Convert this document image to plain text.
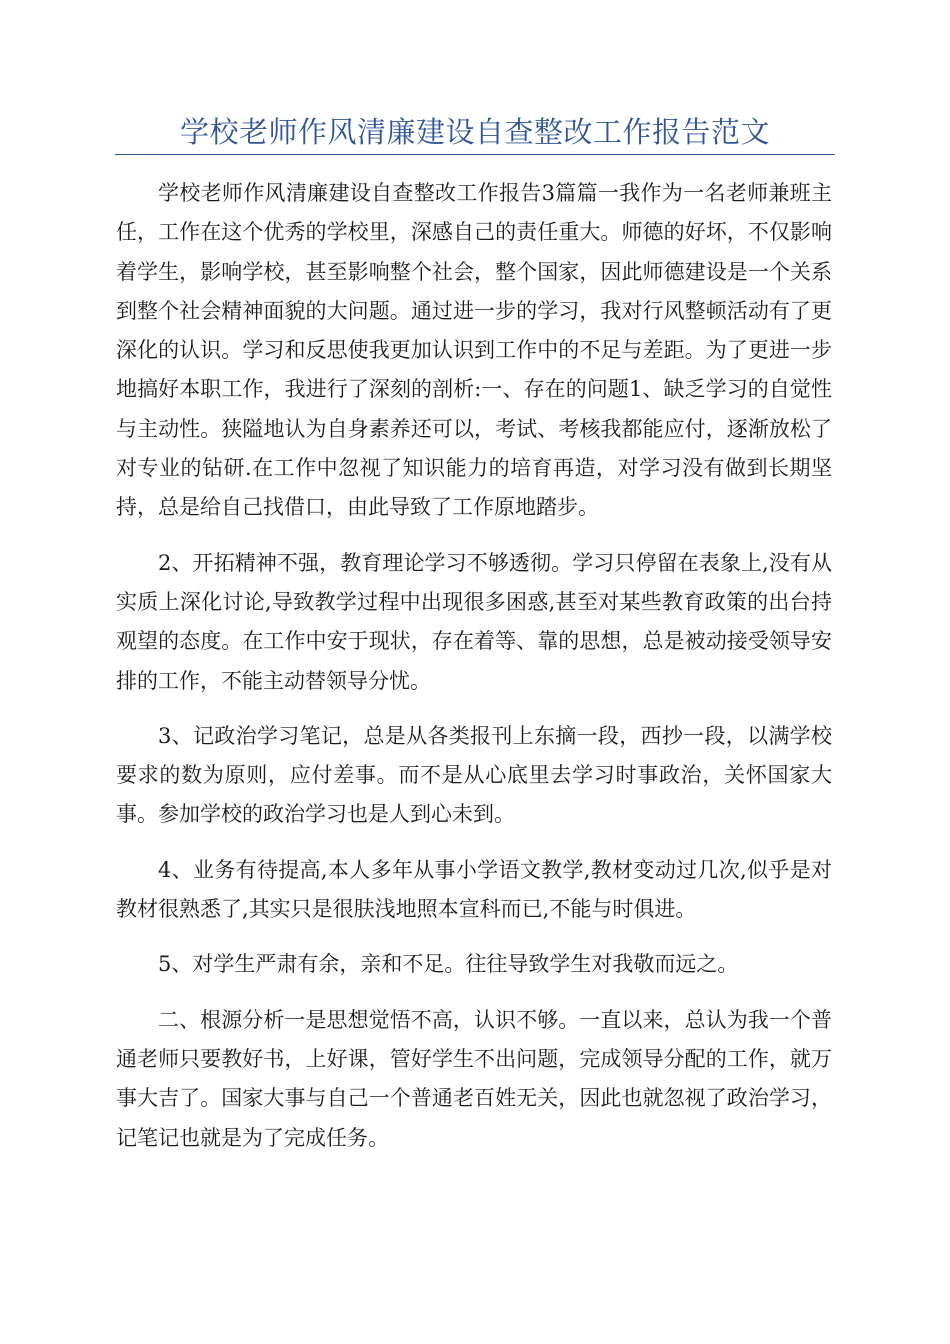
学校老师作风清廉建设自查整改工作报告范文

学校老师作风清廉建设自查整改工作报告3篇篇一我作为一名老师兼班主任，工作在这个优秀的学校里，深感自己的责任重大。师德的好坏，不仅影响着学生，影响学校，甚至影响整个社会，整个国家，因此师德建设是一个关系到整个社会精神面貌的大问题。通过进一步的学习，我对行风整顿活动有了更深化的认识。学习和反思使我更加认识到工作中的不足与差距。为了更进一步地搞好本职工作，我进行了深刻的剖析:一、存在的问题1、缺乏学习的自觉性与主动性。狭隘地认为自身素养还可以，考试、考核我都能应付，逐渐放松了对专业的钻研.在工作中忽视了知识能力的培育再造，对学习没有做到长期坚持，总是给自己找借口，由此导致了工作原地踏步。

2、开拓精神不强，教育理论学习不够透彻。学习只停留在表象上,没有从实质上深化讨论,导致教学过程中出现很多困惑,甚至对某些教育政策的出台持观望的态度。在工作中安于现状，存在着等、靠的思想，总是被动接受领导安排的工作，不能主动替领导分忧。

3、记政治学习笔记，总是从各类报刊上东摘一段，西抄一段，以满学校要求的数为原则，应付差事。而不是从心底里去学习时事政治，关怀国家大事。参加学校的政治学习也是人到心未到。

4、业务有待提高,本人多年从事小学语文教学,教材变动过几次,似乎是对教材很熟悉了,其实只是很肤浅地照本宣科而已,不能与时俱进。

5、对学生严肃有余，亲和不足。往往导致学生对我敬而远之。

二、根源分析一是思想觉悟不高，认识不够。一直以来，总认为我一个普通老师只要教好书，上好课，管好学生不出问题，完成领导分配的工作，就万事大吉了。国家大事与自己一个普通老百姓无关，因此也就忽视了政治学习，记笔记也就是为了完成任务。
